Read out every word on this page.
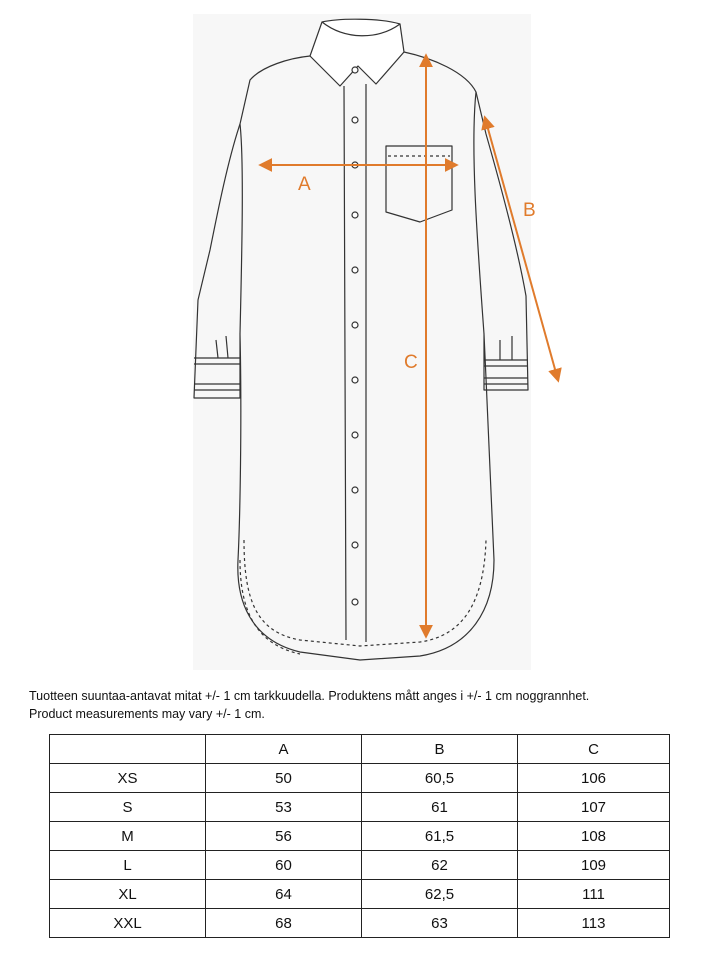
A
B
C
Tuotteen suuntaa-antavat mitat +/- 1 cm tarkkuudella. Produktens mått anges i +/- 1 cm noggrannhet.
Product measurements may vary +/- 1 cm.
	A	B	C
XS	50	60,5	106
S	53	61	107
M	56	61,5	108
L	60	62	109
XL	64	62,5	111
XXL	68	63	113
